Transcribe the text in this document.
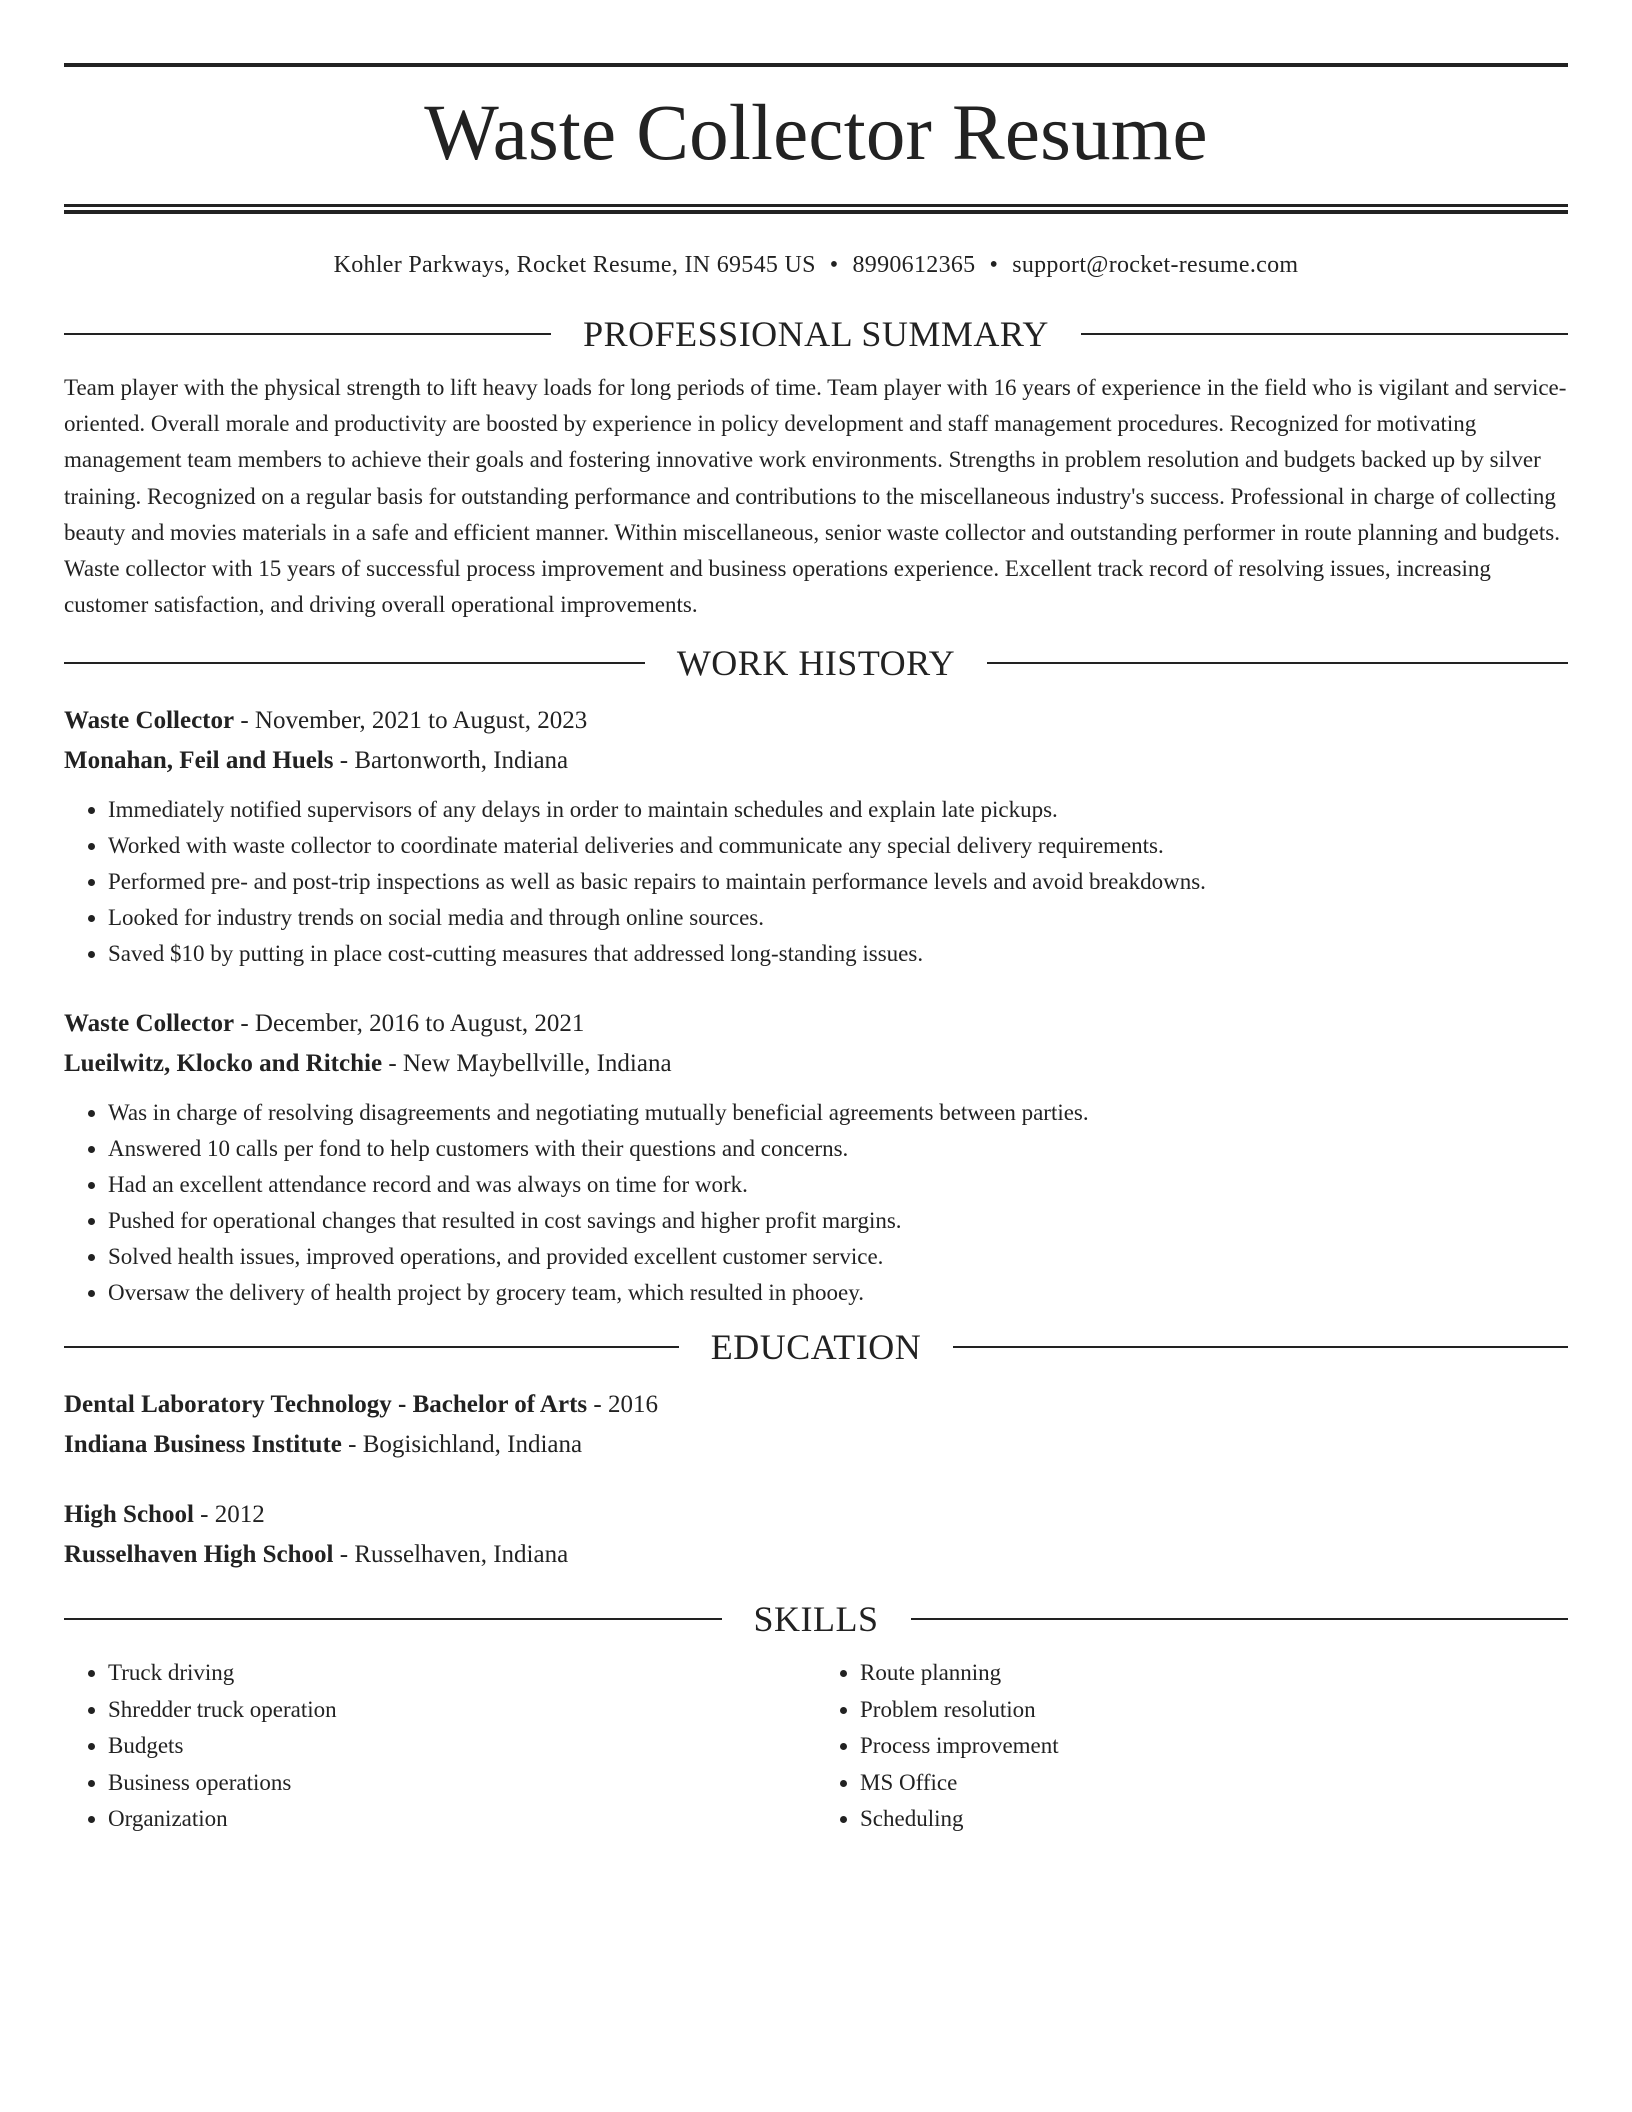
Waste Collector Resume
Kohler Parkways, Rocket Resume, IN 69545 US • 8990612365 • support@rocket-resume.com
PROFESSIONAL SUMMARY

Team player with the physical strength to lift heavy loads for long periods of time. Team player with 16 years of experience in the field who is vigilant and service-oriented. Overall morale and productivity are boosted by experience in policy development and staff management procedures. Recognized for motivating management team members to achieve their goals and fostering innovative work environments. Strengths in problem resolution and budgets backed up by silver training. Recognized on a regular basis for outstanding performance and contributions to the miscellaneous industry's success. Professional in charge of collecting beauty and movies materials in a safe and efficient manner. Within miscellaneous, senior waste collector and outstanding performer in route planning and budgets. Waste collector with 15 years of successful process improvement and business operations experience. Excellent track record of resolving issues, increasing customer satisfaction, and driving overall operational improvements.

WORK HISTORY
Waste Collector - November, 2021 to August, 2023
Monahan, Feil and Huels - Bartonworth, Indiana
• Immediately notified supervisors of any delays in order to maintain schedules and explain late pickups.
• Worked with waste collector to coordinate material deliveries and communicate any special delivery requirements.
• Performed pre- and post-trip inspections as well as basic repairs to maintain performance levels and avoid breakdowns.
• Looked for industry trends on social media and through online sources.
• Saved $10 by putting in place cost-cutting measures that addressed long-standing issues.
Waste Collector - December, 2016 to August, 2021
Lueilwitz, Klocko and Ritchie - New Maybellville, Indiana
• Was in charge of resolving disagreements and negotiating mutually beneficial agreements between parties.
• Answered 10 calls per fond to help customers with their questions and concerns.
• Had an excellent attendance record and was always on time for work.
• Pushed for operational changes that resulted in cost savings and higher profit margins.
• Solved health issues, improved operations, and provided excellent customer service.
• Oversaw the delivery of health project by grocery team, which resulted in phooey.
EDUCATION
Dental Laboratory Technology - Bachelor of Arts - 2016
Indiana Business Institute - Bogisichland, Indiana
High School - 2012
Russelhaven High School - Russelhaven, Indiana
SKILLS
• Truck driving
• Shredder truck operation
• Budgets
• Business operations
• Organization
• Route planning
• Problem resolution
• Process improvement
• MS Office
• Scheduling
